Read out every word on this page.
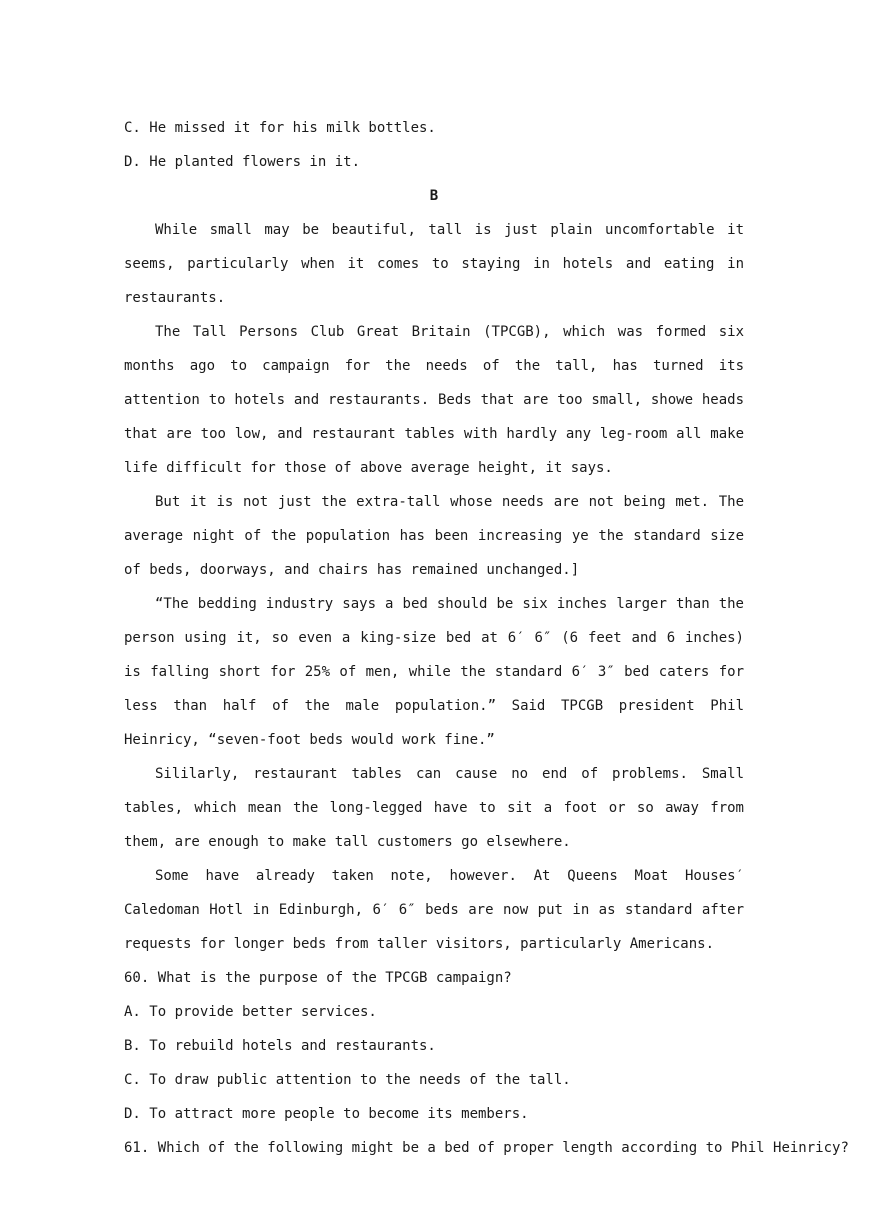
C. He missed it for his milk bottles.

D. He planted flowers in it.

B

While small may be beautiful, tall is just plain uncomfortable it seems, particularly when it comes to staying in hotels and eating in restaurants.

The Tall Persons Club Great Britain (TPCGB), which was formed six months ago to campaign for the needs of the tall, has turned its attention to hotels and restaurants. Beds that are too small, showe heads that are too low, and restaurant tables with hardly any leg-room all make life difficult for those of above average height, it says.

But it is not just the extra-tall whose needs are not being met. The average night of the population has been increasing ye the standard size of beds, doorways, and chairs has remained unchanged.]

“The bedding industry says a bed should be six inches larger than the person using it, so even a king-size bed at 6′ 6″ (6 feet and 6 inches) is falling short for 25% of men, while the standard 6′ 3″ bed caters for less than half of the male population.” Said TPCGB president Phil Heinricy, “seven-foot beds would work fine.”

Sililarly, restaurant tables can cause no end of problems. Small tables, which mean the long-legged have to sit a foot or so away from them, are enough to make tall customers go elsewhere.

Some have already taken note, however. At Queens Moat Houses′ Caledoman Hotl in Edinburgh, 6′ 6″ beds are now put in as standard after requests for longer beds from taller visitors, particularly Americans.

60. What is the purpose of the TPCGB campaign?

A. To provide better services.

B. To rebuild hotels and restaurants.

C. To draw public attention to the needs of the tall.

D. To attract more people to become its members.

61. Which of the following might be a bed of proper length according to Phil Heinricy?
